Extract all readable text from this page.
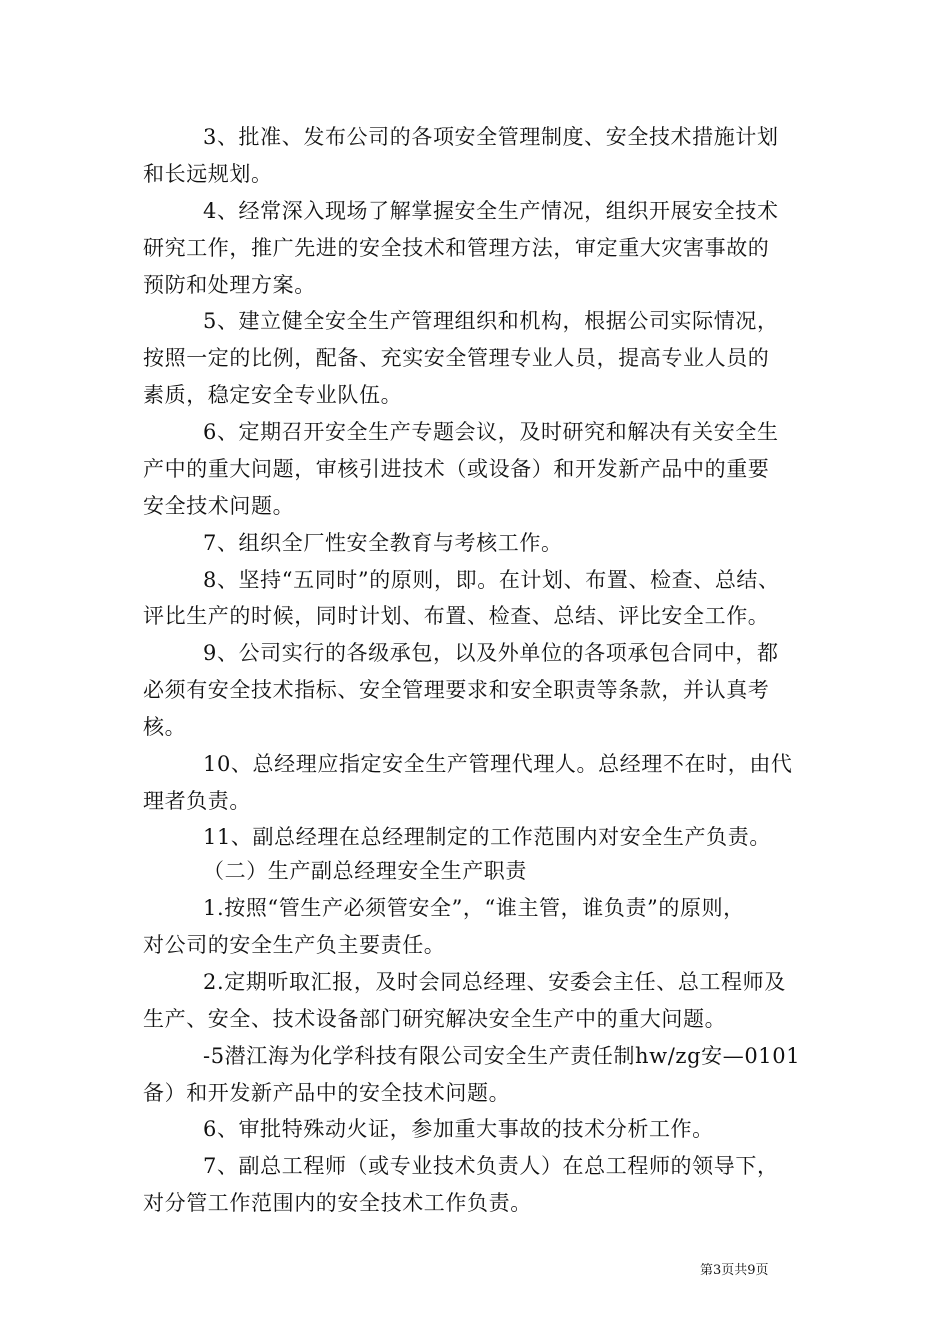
3、批准、发布公司的各项安全管理制度、安全技术措施计划
和长远规划。
4、经常深入现场了解掌握安全生产情况，组织开展安全技术
研究工作，推广先进的安全技术和管理方法，审定重大灾害事故的
预防和处理方案。
5、建立健全安全生产管理组织和机构，根据公司实际情况，
按照一定的比例，配备、充实安全管理专业人员，提高专业人员的
素质，稳定安全专业队伍。
6、定期召开安全生产专题会议，及时研究和解决有关安全生
产中的重大问题，审核引进技术（或设备）和开发新产品中的重要
安全技术问题。
7、组织全厂性安全教育与考核工作。
8、坚持“五同时”的原则，即。在计划、布置、检查、总结、
评比生产的时候，同时计划、布置、检查、总结、评比安全工作。
9、公司实行的各级承包，以及外单位的各项承包合同中，都
必须有安全技术指标、安全管理要求和安全职责等条款，并认真考
核。
10、总经理应指定安全生产管理代理人。总经理不在时，由代
理者负责。
11、副总经理在总经理制定的工作范围内对安全生产负责。
（二）生产副总经理安全生产职责
1.按照“管生产必须管安全”，“谁主管，谁负责”的原则，
对公司的安全生产负主要责任。
2.定期听取汇报，及时会同总经理、安委会主任、总工程师及
生产、安全、技术设备部门研究解决安全生产中的重大问题。
-5潜江海为化学科技有限公司安全生产责任制hw/zg安—0101
备）和开发新产品中的安全技术问题。
6、审批特殊动火证，参加重大事故的技术分析工作。
7、副总工程师（或专业技术负责人）在总工程师的领导下，
对分管工作范围内的安全技术工作负责。
第3页共9页
